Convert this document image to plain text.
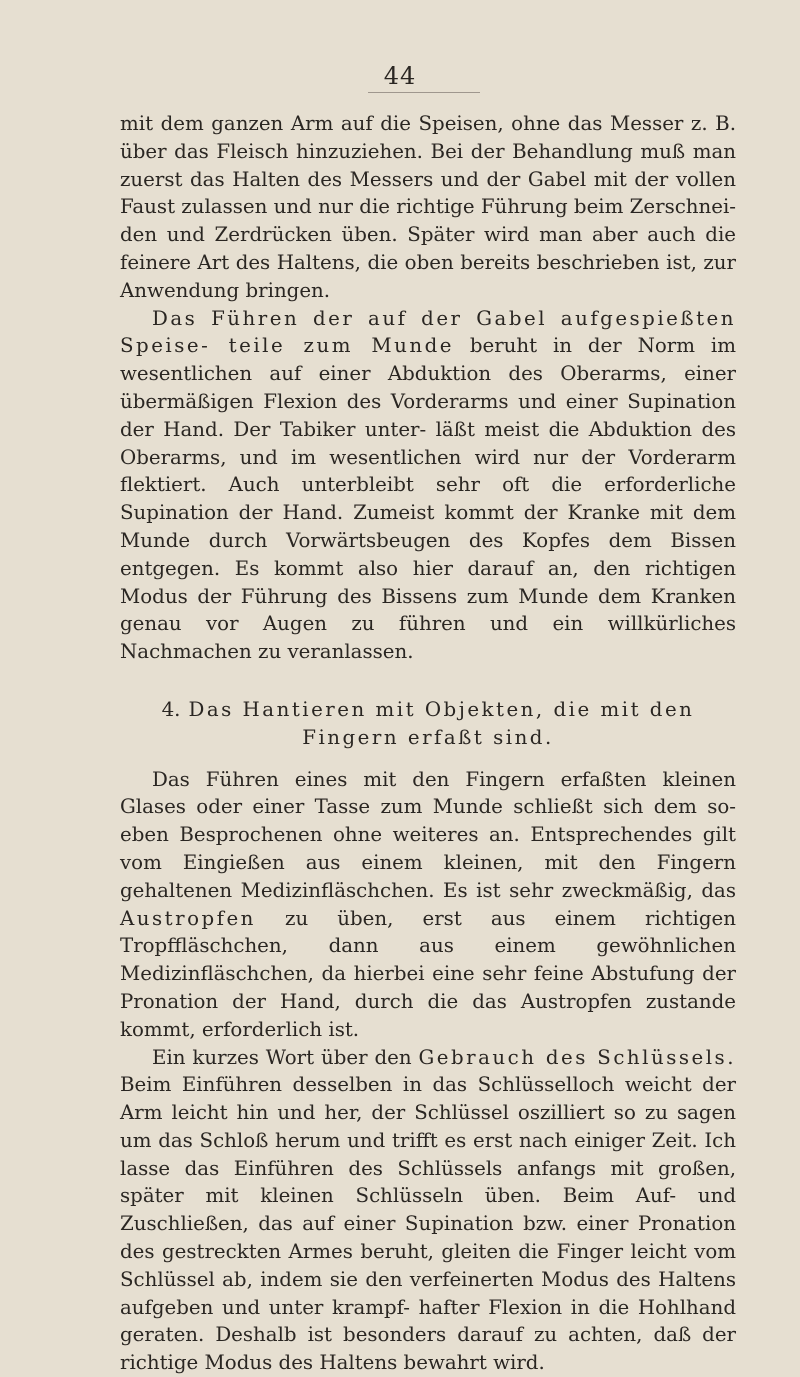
44

mit dem ganzen Arm auf die Speisen, ohne das Messer z. B. über das Fleisch hinzuziehen. Bei der Behandlung muß man zuerst das Halten des Messers und der Gabel mit der vollen Faust zulassen und nur die richtige Führung beim Zerschnei- den und Zerdrücken üben. Später wird man aber auch die feinere Art des Haltens, die oben bereits beschrieben ist, zur Anwendung bringen.

Das Führen der auf der Gabel aufgespießten Speise- teile zum Munde beruht in der Norm im wesentlichen auf einer Abduktion des Oberarms, einer übermäßigen Flexion des Vorderarms und einer Supination der Hand. Der Tabiker unter- läßt meist die Abduktion des Oberarms, und im wesentlichen wird nur der Vorderarm flektiert. Auch unterbleibt sehr oft die erforderliche Supination der Hand. Zumeist kommt der Kranke mit dem Munde durch Vorwärtsbeugen des Kopfes dem Bissen entgegen. Es kommt also hier darauf an, den richtigen Modus der Führung des Bissens zum Munde dem Kranken genau vor Augen zu führen und ein willkürliches Nachmachen zu veranlassen.

4. Das Hantieren mit Objekten, die mit den Fingern erfaßt sind.

Das Führen eines mit den Fingern erfaßten kleinen Glases oder einer Tasse zum Munde schließt sich dem so- eben Besprochenen ohne weiteres an. Entsprechendes gilt vom Eingießen aus einem kleinen, mit den Fingern gehaltenen Medizinfläschchen. Es ist sehr zweckmäßig, das Austropfen zu üben, erst aus einem richtigen Tropffläschchen, dann aus einem gewöhnlichen Medizinfläschchen, da hierbei eine sehr feine Abstufung der Pronation der Hand, durch die das Austropfen zustande kommt, erforderlich ist.

Ein kurzes Wort über den Gebrauch des Schlüssels. Beim Einführen desselben in das Schlüsselloch weicht der Arm leicht hin und her, der Schlüssel oszilliert so zu sagen um das Schloß herum und trifft es erst nach einiger Zeit. Ich lasse das Einführen des Schlüssels anfangs mit großen, später mit kleinen Schlüsseln üben. Beim Auf- und Zuschließen, das auf einer Supination bzw. einer Pronation des gestreckten Armes beruht, gleiten die Finger leicht vom Schlüssel ab, indem sie den verfeinerten Modus des Haltens aufgeben und unter krampf- hafter Flexion in die Hohlhand geraten. Deshalb ist besonders darauf zu achten, daß der richtige Modus des Haltens bewahrt wird.
